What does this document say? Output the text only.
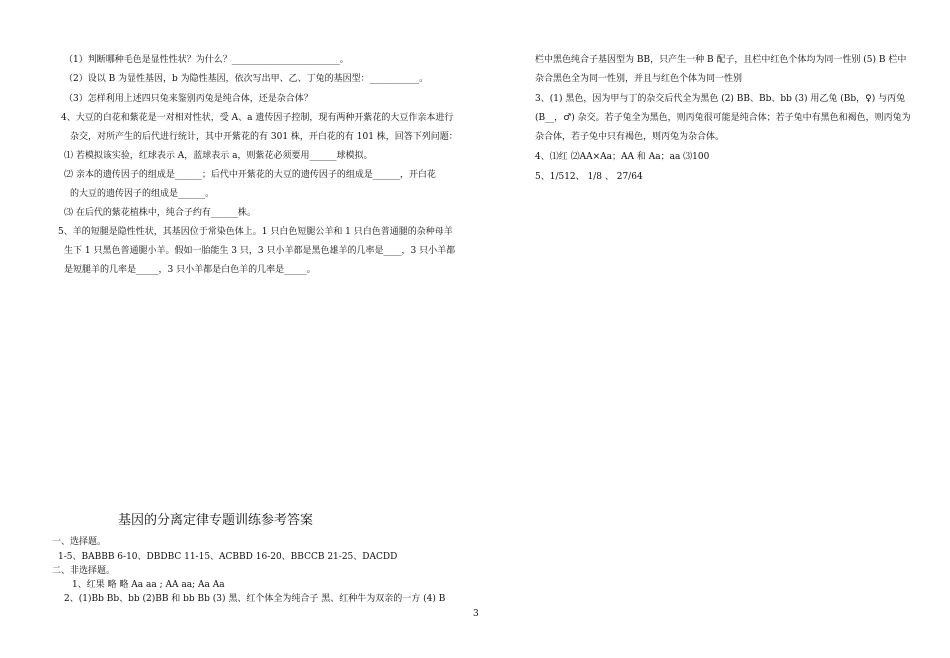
（1）判断哪种毛色是显性性状？为什么？________________________。
（2）设以 B 为显性基因，b 为隐性基因，依次写出甲、乙、丁兔的基因型：___________。
（3）怎样利用上述四只兔来鉴别丙兔是纯合体，还是杂合体？
4、大豆的白花和紫花是一对相对性状，受 A、a 遗传因子控制，现有两种开紫花的大豆作亲本进行
杂交，对所产生的后代进行统计，其中开紫花的有 301 株，开白花的有 101 株，回答下列问题：
⑴ 若模拟该实验，红球表示 A，蓝球表示 a，则紫花必须要用______球模拟。
⑵ 亲本的遗传因子的组成是______；后代中开紫花的大豆的遗传因子的组成是______，开白花
的大豆的遗传因子的组成是______。
⑶ 在后代的紫花植株中，纯合子约有______株。
5、羊的短腿是隐性性状，其基因位于常染色体上。1 只白色短腿公羊和 1 只白色普通腿的杂种母羊
生下 1 只黑色普通腿小羊。假如一胎能生 3 只，3 只小羊都是黑色雄羊的几率是____，3 只小羊都
是短腿羊的几率是_____，3 只小羊都是白色羊的几率是_____。
基因的分离定律专题训练参考答案
一、选择题。
1-5、BABBB 6-10、DBDBC 11-15、ACBBD 16-20、BBCCB 21-25、DACDD
二、非选择题。
1、红果 略 略 Aa aa ; AA aa; Aa Aa
2、(1)Bb Bb、bb (2)BB 和 bb Bb (3) 黑、红个体全为纯合子 黑、红种牛为双亲的一方 (4) B
栏中黑色纯合子基因型为 BB，只产生一种 B 配子，且栏中红色个体均为同一性别 (5) B 栏中
杂合黑色全为同一性别，并且与红色个体为同一性别
3、(1) 黑色，因为甲与丁的杂交后代全为黑色 (2) BB、Bb、bb (3) 用乙兔 (Bb，♀) 与丙兔
(B__，♂) 杂交。若子兔全为黑色，则丙兔很可能是纯合体；若子兔中有黑色和褐色，则丙兔为
杂合体，若子兔中只有褐色，则丙兔为杂合体。
4、⑴红 ⑵AA×Aa；AA 和 Aa；aa ⑶100
5、1/512、 1/8 、 27/64
3
